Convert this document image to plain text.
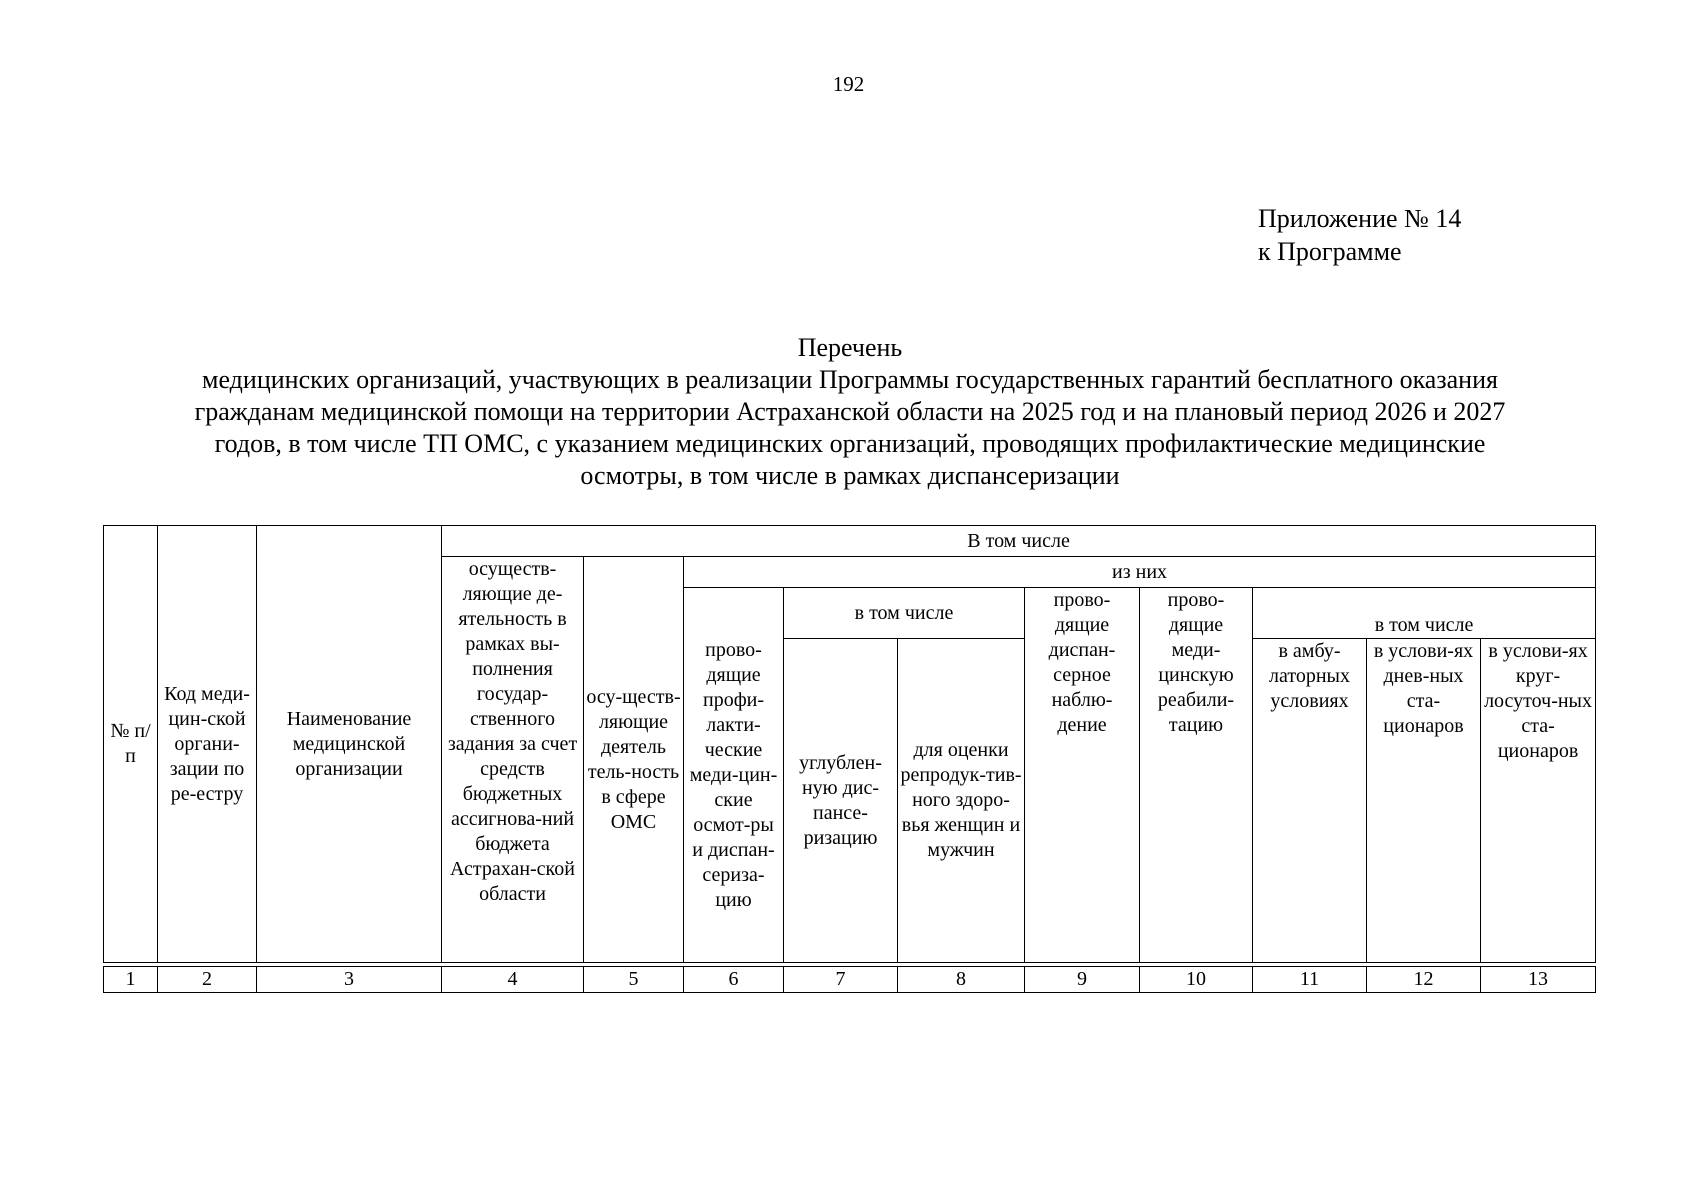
192
Приложение № 14
к Программе
Перечень
медицинских организаций, участвующих в реализации Программы государственных гарантий бесплатного оказания
гражданам медицинской помощи на территории Астраханской области на 2025 год и на плановый период 2026 и 2027
годов, в том числе ТП ОМС, с указанием медицинских организаций, проводящих профилактические медицинские
осмотры, в том числе в рамках диспансеризации
№ п/п	Код меди-цин-ской органи-зации по ре-естру	Наименование медицинской организации	В том числе									
			осуществ-ляющие де-ятельность в рамках вы-полнения государ-ственного задания за счет средств бюджетных ассигнова-ний бюджета Астрахан-ской области	осу-ществ-ляющие деятель тель-ность в сфере ОМС	из них							
					прово-дящие профи-лакти-ческие меди-цин-ские осмот-ры и диспан-сериза-цию	в том числе		прово-дящие диспан-серное наблю-дение	прово-дящие меди-цинскую реабили-тацию	в том числе		
						углублен-ную дис-пансе-ризацию	для оценки репродук-тив-ного здоро-вья женщин и мужчин			в амбу-латорных условиях	в услови-ях днев-ных ста-ционаров	в услови-ях круг-лосуточ-ных ста-ционаров

1	2	3	4	5	6	7	8	9	10	11	12	13
